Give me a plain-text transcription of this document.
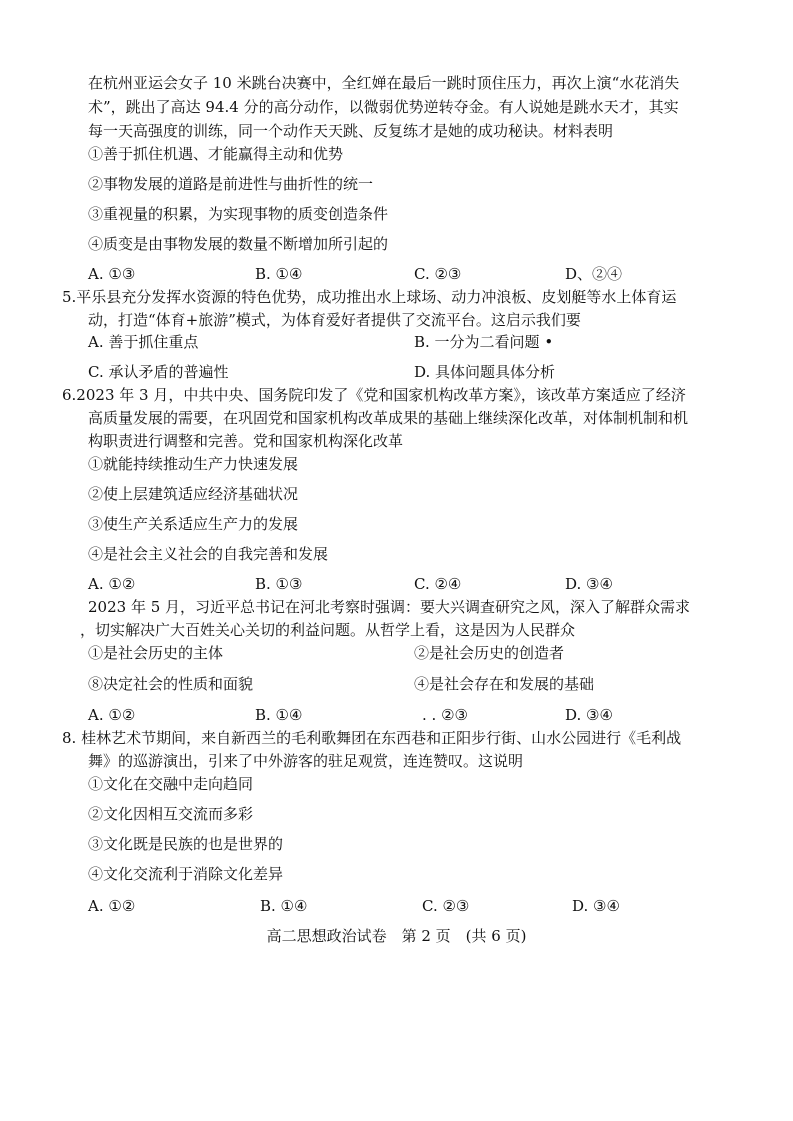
在杭州亚运会女子 10 米跳台决赛中，全红婵在最后一跳时顶住压力，再次上演“水花消失
术”，跳出了高达 94.4 分的高分动作，以微弱优势逆转夺金。有人说她是跳水天才，其实
每一天高强度的训练，同一个动作天天跳、反复练才是她的成功秘诀。材料表明
①善于抓住机遇、才能赢得主动和优势
②事物发展的道路是前进性与曲折性的统一
③重视量的积累，为实现事物的质变创造条件
④质变是由事物发展的数量不断增加所引起的
A. ①③	B. ①④	C. ②③	D、②④
5.平乐县充分发挥水资源的特色优势，成功推出水上球场、动力冲浪板、皮划艇等水上体育运
动，打造“体育+旅游”模式，为体育爱好者提供了交流平台。这启示我们要
A. 善于抓住重点	B. 一分为二看问题 •
C. 承认矛盾的普遍性	D. 具体问题具体分析
6.2023 年 3 月，中共中央、国务院印发了《党和国家机构改革方案》，该改革方案适应了经济
高质量发展的需要，在巩固党和国家机构改革成果的基础上继续深化改革，对体制机制和机
构职责进行调整和完善。党和国家机构深化改革
①就能持续推动生产力快速发展
②使上层建筑适应经济基础状况
③使生产关系适应生产力的发展
④是社会主义社会的自我完善和发展
A. ①②	B. ①③	C. ②④	D. ③④
2023 年 5 月，习近平总书记在河北考察时强调：要大兴调查研究之风，深入了解群众需求
，切实解决广大百姓关心关切的利益问题。从哲学上看，这是因为人民群众
①是社会历史的主体	②是社会历史的创造者
⑧决定社会的性质和面貌	④是社会存在和发展的基础
A. ①②	B. ①④	. . ②③	D. ③④
8. 桂林艺术节期间，来自新西兰的毛利歌舞团在东西巷和正阳步行街、山水公园进行《毛利战
舞》的巡游演出，引来了中外游客的驻足观赏，连连赞叹。这说明
①文化在交融中走向趋同
②文化因相互交流而多彩
③文化既是民族的也是世界的
④文化交流利于消除文化差异
A. ①②	B. ①④	C. ②③	D. ③④
高二思想政治试卷　第 2 页　(共 6 页)
